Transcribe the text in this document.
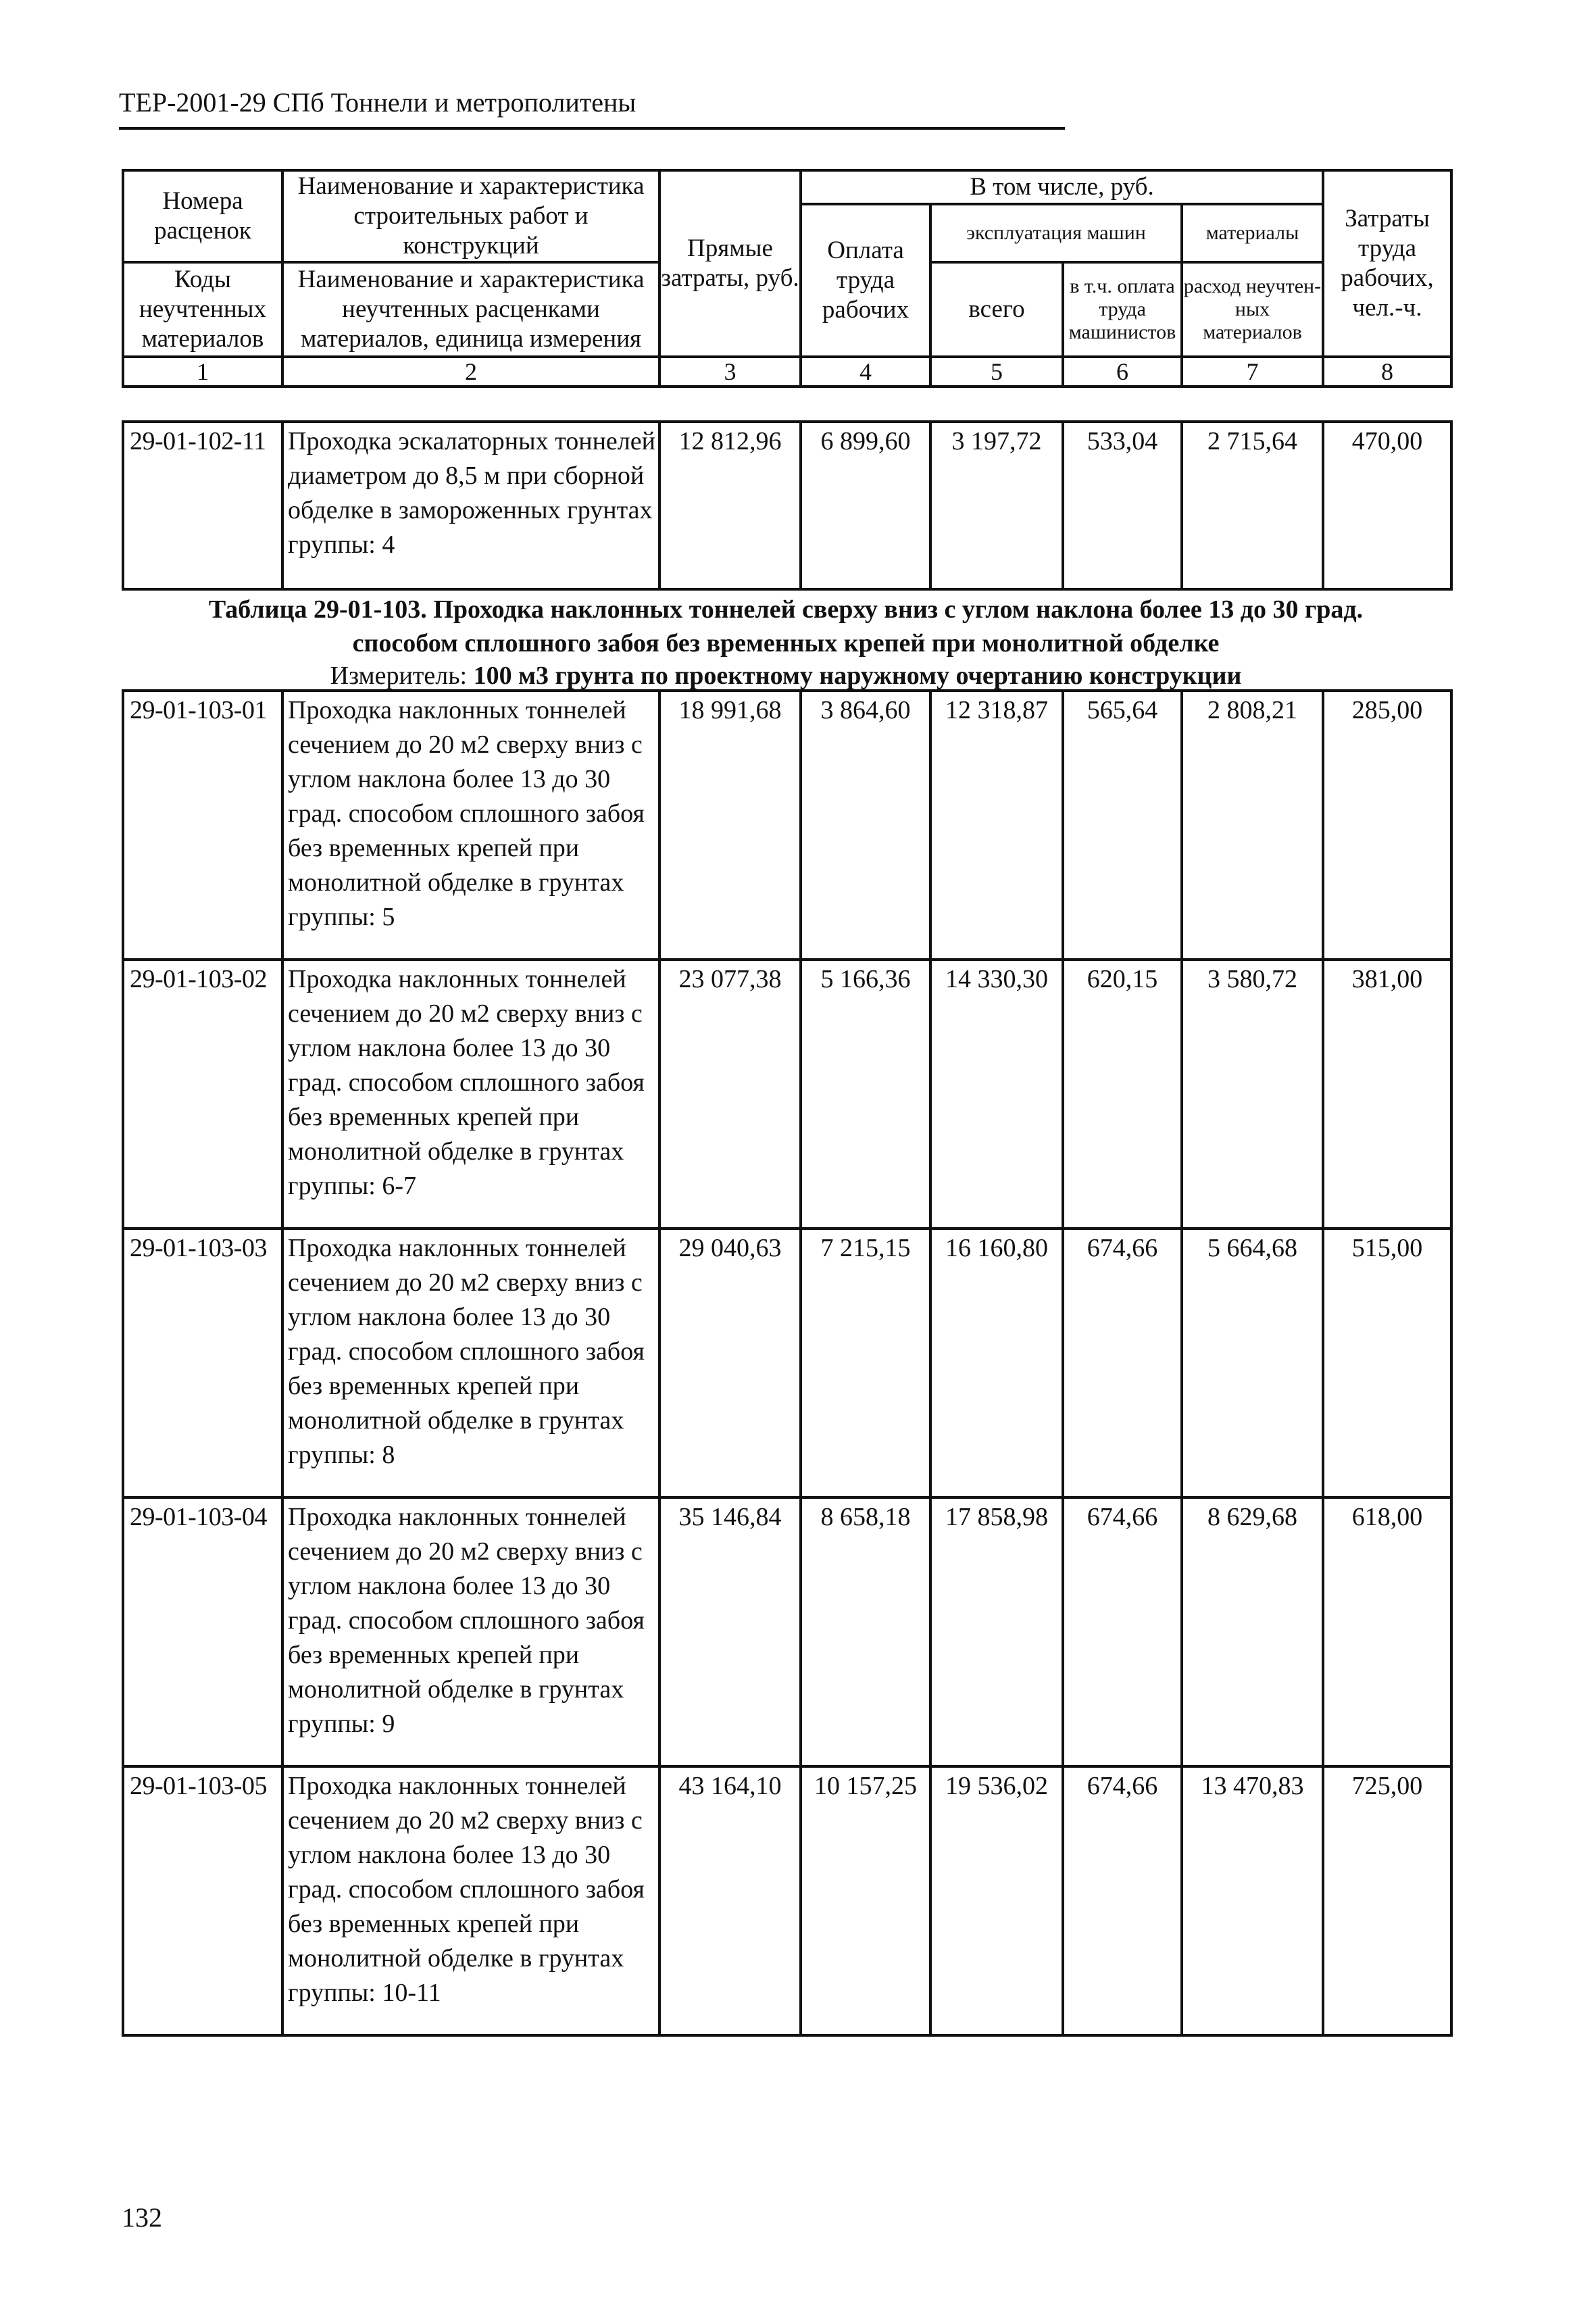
ТЕР-2001-29 СПб Тоннели и метрополитены
Номера расценок	Наименование и характеристика строительных работ и конструкций	Прямые затраты, руб.	В том числе, руб.				Затраты труда рабочих, чел.-ч.
			Оплата труда рабочих	эксплуатация машин		материалы	
Коды неучтенных материалов	Наименование и характеристика неучтенных расценками материалов, единица измерения			всего	в т.ч. оплата труда машинистов	расход неучтен-ных материалов	

1	2	3	4	5	6	7	8
29-01-102-11	Проходка эскалаторных тоннелей диаметром до 8,5 м при сборной обделке в замороженных грунтах группы: 4	12 812,96	6 899,60	3 197,72	533,04	2 715,64	470,00
Таблица 29-01-103. Проходка наклонных тоннелей сверху вниз с углом наклона более 13 до 30 град.
способом сплошного забоя без временных крепей при монолитной обделке
Измеритель: 100 м3 грунта по проектному наружному очертанию конструкции
29-01-103-01	Проходка наклонных тоннелей сечением до 20 м2 сверху вниз с углом наклона более 13 до 30 град. способом сплошного забоя без временных крепей при монолитной обделке в грунтах группы: 5	18 991,68	3 864,60	12 318,87	565,64	2 808,21	285,00
29-01-103-02	Проходка наклонных тоннелей сечением до 20 м2 сверху вниз с углом наклона более 13 до 30 град. способом сплошного забоя без временных крепей при монолитной обделке в грунтах группы: 6-7	23 077,38	5 166,36	14 330,30	620,15	3 580,72	381,00
29-01-103-03	Проходка наклонных тоннелей сечением до 20 м2 сверху вниз с углом наклона более 13 до 30 град. способом сплошного забоя без временных крепей при монолитной обделке в грунтах группы: 8	29 040,63	7 215,15	16 160,80	674,66	5 664,68	515,00
29-01-103-04	Проходка наклонных тоннелей сечением до 20 м2 сверху вниз с углом наклона более 13 до 30 град. способом сплошного забоя без временных крепей при монолитной обделке в грунтах группы: 9	35 146,84	8 658,18	17 858,98	674,66	8 629,68	618,00
29-01-103-05	Проходка наклонных тоннелей сечением до 20 м2 сверху вниз с углом наклона более 13 до 30 град. способом сплошного забоя без временных крепей при монолитной обделке в грунтах группы: 10-11	43 164,10	10 157,25	19 536,02	674,66	13 470,83	725,00
132
